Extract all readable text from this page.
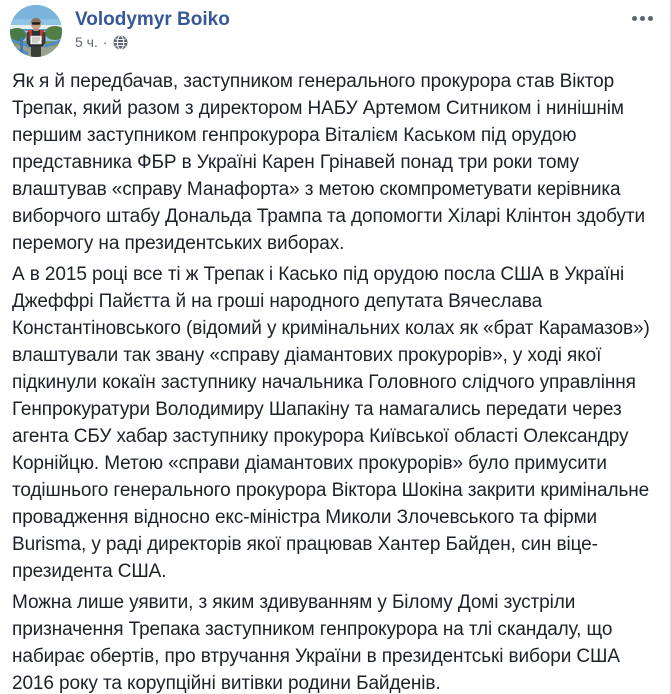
Volodymyr Boiko
5 ч. ·

Як я й передбачав, заступником генерального прокурора став Віктор
Трепак, який разом з директором НАБУ Артемом Ситником і нинішнім
першим заступником генпрокурора Віталієм Каськом під орудою
представника ФБР в Україні Карен Грінавей понад три роки тому
влаштував «справу Манафорта» з метою скомпрометувати керівника
виборчого штабу Дональда Трампа та допомогти Хіларі Клінтон здобути
перемогу на президентських виборах.

А в 2015 році все ті ж Трепак і Касько під орудою посла США в Україні
Джеффрі Пайєтта й на гроші народного депутата Вячеслава
Константіновського (відомий у кримінальних колах як «брат Карамазов»)
влаштували так звану «справу діамантових прокурорів», у ході якої
підкинули кокаїн заступнику начальника Головного слідчого управління
Генпрокуратури Володимиру Шапакіну та намагались передати через
агента СБУ хабар заступнику прокурора Київської області Олександру
Корнійцю. Метою «справи діамантових прокурорів» було примусити
тодішнього генерального прокурора Віктора Шокіна закрити кримінальне
провадження відносно екс-міністра Миколи Злочевського та фірми
Burisma, у раді директорів якої працював Хантер Байден, син віце-
президента США.

Можна лише уявити, з яким здивуванням у Білому Домі зустріли
призначення Трепака заступником генпрокурора на тлі скандалу, що
набирає обертів, про втручання України в президентські вибори США
2016 року та корупційні витівки родини Байденів.
